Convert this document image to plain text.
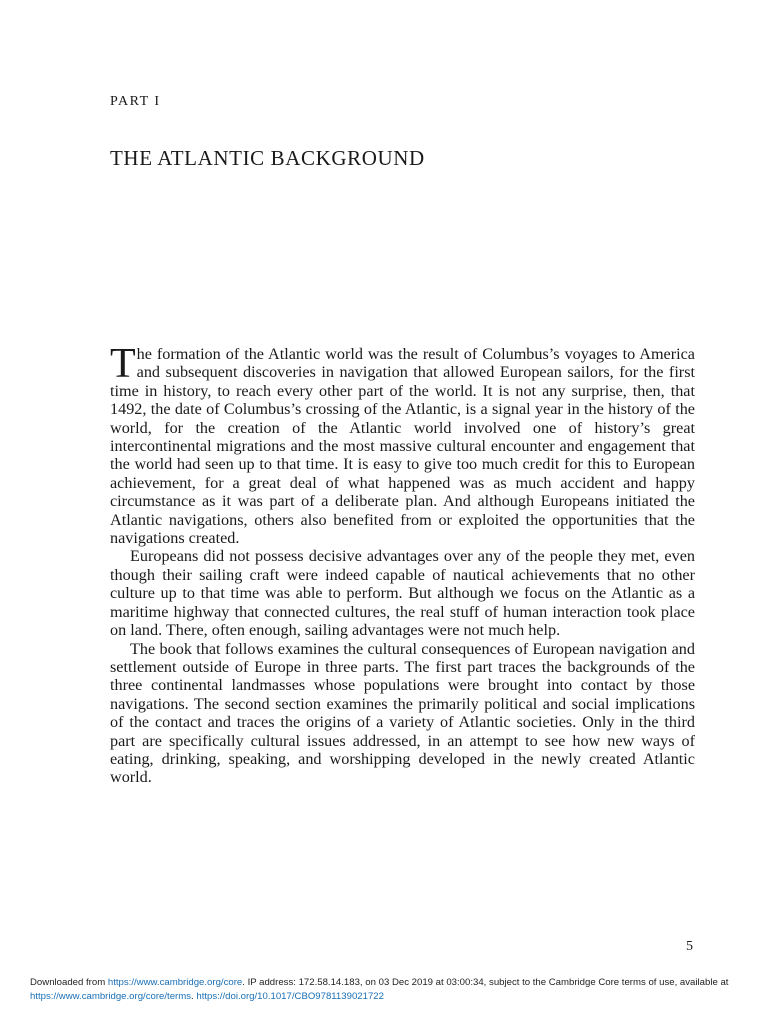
PART I
THE ATLANTIC BACKGROUND

The formation of the Atlantic world was the result of Columbus’s voyages to America and subsequent discoveries in navigation that allowed European sailors, for the first time in history, to reach every other part of the world. It is not any surprise, then, that 1492, the date of Columbus’s crossing of the Atlantic, is a signal year in the history of the world, for the creation of the Atlantic world involved one of history’s great intercontinental migrations and the most massive cultural encounter and engagement that the world had seen up to that time. It is easy to give too much credit for this to European achievement, for a great deal of what happened was as much accident and happy circumstance as it was part of a deliberate plan. And although Europeans initiated the Atlantic navigations, others also benefited from or exploited the opportunities that the navigations created.

Europeans did not possess decisive advantages over any of the people they met, even though their sailing craft were indeed capable of nautical achievements that no other culture up to that time was able to perform. But although we focus on the Atlantic as a maritime highway that connected cultures, the real stuff of human interaction took place on land. There, often enough, sailing advantages were not much help.

The book that follows examines the cultural consequences of European navigation and settlement outside of Europe in three parts. The first part traces the backgrounds of the three continental landmasses whose populations were brought into contact by those navigations. The second section examines the primarily political and social implications of the contact and traces the origins of a variety of Atlantic societies. Only in the third part are specifically cultural issues addressed, in an attempt to see how new ways of eating, drinking, speaking, and worshipping developed in the newly created Atlantic world.

5
Downloaded from https://www.cambridge.org/core. IP address: 172.58.14.183, on 03 Dec 2019 at 03:00:34, subject to the Cambridge Core terms of use, available at https://www.cambridge.org/core/terms. https://doi.org/10.1017/CBO9781139021722
